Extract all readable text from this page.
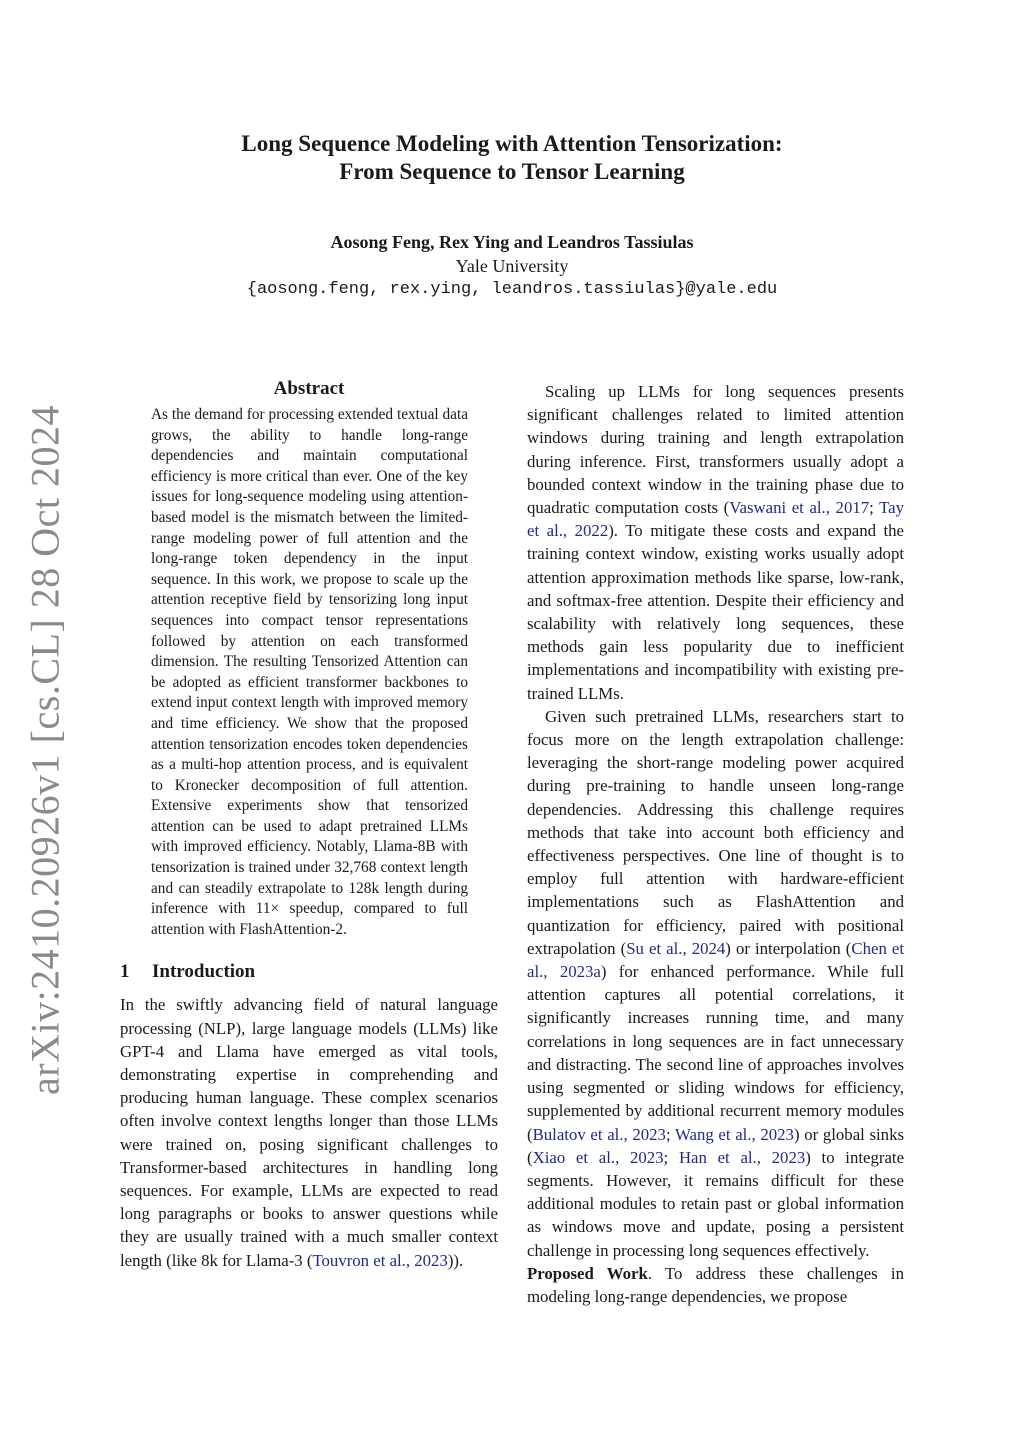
arXiv:2410.20926v1 [cs.CL] 28 Oct 2024
Long Sequence Modeling with Attention Tensorization:
From Sequence to Tensor Learning
Aosong Feng, Rex Ying and Leandros Tassiulas
Yale University
{aosong.feng, rex.ying, leandros.tassiulas}@yale.edu
Abstract

As the demand for processing extended textual data grows, the ability to handle long-range dependencies and maintain computational efficiency is more critical than ever. One of the key issues for long-sequence modeling using attention-based model is the mismatch between the limited-range modeling power of full attention and the long-range token dependency in the input sequence. In this work, we propose to scale up the attention receptive field by tensorizing long input sequences into compact tensor representations followed by attention on each transformed dimension. The resulting Tensorized Attention can be adopted as efficient transformer backbones to extend input context length with improved memory and time efficiency. We show that the proposed attention tensorization encodes token dependencies as a multi-hop attention process, and is equivalent to Kronecker decomposition of full attention. Extensive experiments show that tensorized attention can be used to adapt pretrained LLMs with improved efficiency. Notably, Llama-8B with tensorization is trained under 32,768 context length and can steadily extrapolate to 128k length during inference with 11× speedup, compared to full attention with FlashAttention-2.

1 Introduction

In the swiftly advancing field of natural language processing (NLP), large language models (LLMs) like GPT-4 and Llama have emerged as vital tools, demonstrating expertise in comprehending and producing human language. These complex scenarios often involve context lengths longer than those LLMs were trained on, posing significant challenges to Transformer-based architectures in handling long sequences. For example, LLMs are expected to read long paragraphs or books to answer questions while they are usually trained with a much smaller context length (like 8k for Llama-3 (Touvron et al., 2023)).

Scaling up LLMs for long sequences presents significant challenges related to limited attention windows during training and length extrapolation during inference. First, transformers usually adopt a bounded context window in the training phase due to quadratic computation costs (Vaswani et al., 2017; Tay et al., 2022). To mitigate these costs and expand the training context window, existing works usually adopt attention approximation methods like sparse, low-rank, and softmax-free attention. Despite their efficiency and scalability with relatively long sequences, these methods gain less popularity due to inefficient implementations and incompatibility with existing pre-trained LLMs.

Given such pretrained LLMs, researchers start to focus more on the length extrapolation challenge: leveraging the short-range modeling power acquired during pre-training to handle unseen long-range dependencies. Addressing this challenge requires methods that take into account both efficiency and effectiveness perspectives. One line of thought is to employ full attention with hardware-efficient implementations such as FlashAttention and quantization for efficiency, paired with positional extrapolation (Su et al., 2024) or interpolation (Chen et al., 2023a) for enhanced performance. While full attention captures all potential correlations, it significantly increases running time, and many correlations in long sequences are in fact unnecessary and distracting. The second line of approaches involves using segmented or sliding windows for efficiency, supplemented by additional recurrent memory modules (Bulatov et al., 2023; Wang et al., 2023) or global sinks (Xiao et al., 2023; Han et al., 2023) to integrate segments. However, it remains difficult for these additional modules to retain past or global information as windows move and update, posing a persistent challenge in processing long sequences effectively.

Proposed Work. To address these challenges in modeling long-range dependencies, we propose
